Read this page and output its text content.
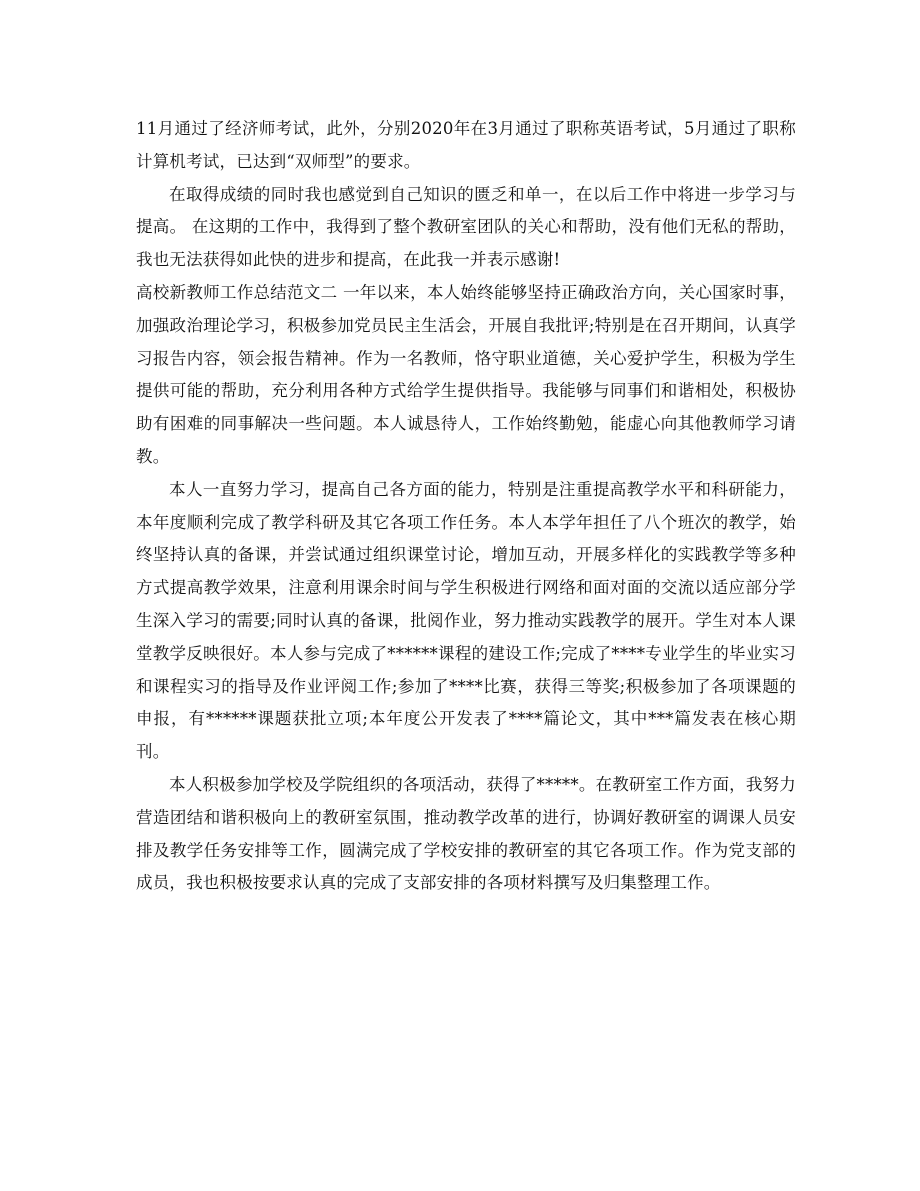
11月通过了经济师考试，此外，分别2020年在3月通过了职称英语考试，5月通过了职称计算机考试，已达到“双师型”的要求。

在取得成绩的同时我也感觉到自己知识的匮乏和单一，在以后工作中将进一步学习与提高。 在这期的工作中，我得到了整个教研室团队的关心和帮助，没有他们无私的帮助，我也无法获得如此快的进步和提高，在此我一并表示感谢!

高校新教师工作总结范文二 一年以来，本人始终能够坚持正确政治方向，关心国家时事，加强政治理论学习，积极参加党员民主生活会，开展自我批评;特别是在召开期间，认真学习报告内容，领会报告精神。作为一名教师，恪守职业道德，关心爱护学生，积极为学生提供可能的帮助，充分利用各种方式给学生提供指导。我能够与同事们和谐相处，积极协助有困难的同事解决一些问题。本人诚恳待人，工作始终勤勉，能虚心向其他教师学习请教。

本人一直努力学习，提高自己各方面的能力，特别是注重提高教学水平和科研能力，本年度顺利完成了教学科研及其它各项工作任务。本人本学年担任了八个班次的教学，始终坚持认真的备课，并尝试通过组织课堂讨论，增加互动，开展多样化的实践教学等多种方式提高教学效果，注意利用课余时间与学生积极进行网络和面对面的交流以适应部分学生深入学习的需要;同时认真的备课，批阅作业，努力推动实践教学的展开。学生对本人课堂教学反映很好。本人参与完成了******课程的建设工作;完成了****专业学生的毕业实习和课程实习的指导及作业评阅工作;参加了****比赛，获得三等奖;积极参加了各项课题的申报，有******课题获批立项;本年度公开发表了****篇论文，其中***篇发表在核心期刊。

本人积极参加学校及学院组织的各项活动，获得了*****。在教研室工作方面，我努力营造团结和谐积极向上的教研室氛围，推动教学改革的进行，协调好教研室的调课人员安排及教学任务安排等工作，圆满完成了学校安排的教研室的其它各项工作。作为党支部的成员，我也积极按要求认真的完成了支部安排的各项材料撰写及归集整理工作。
